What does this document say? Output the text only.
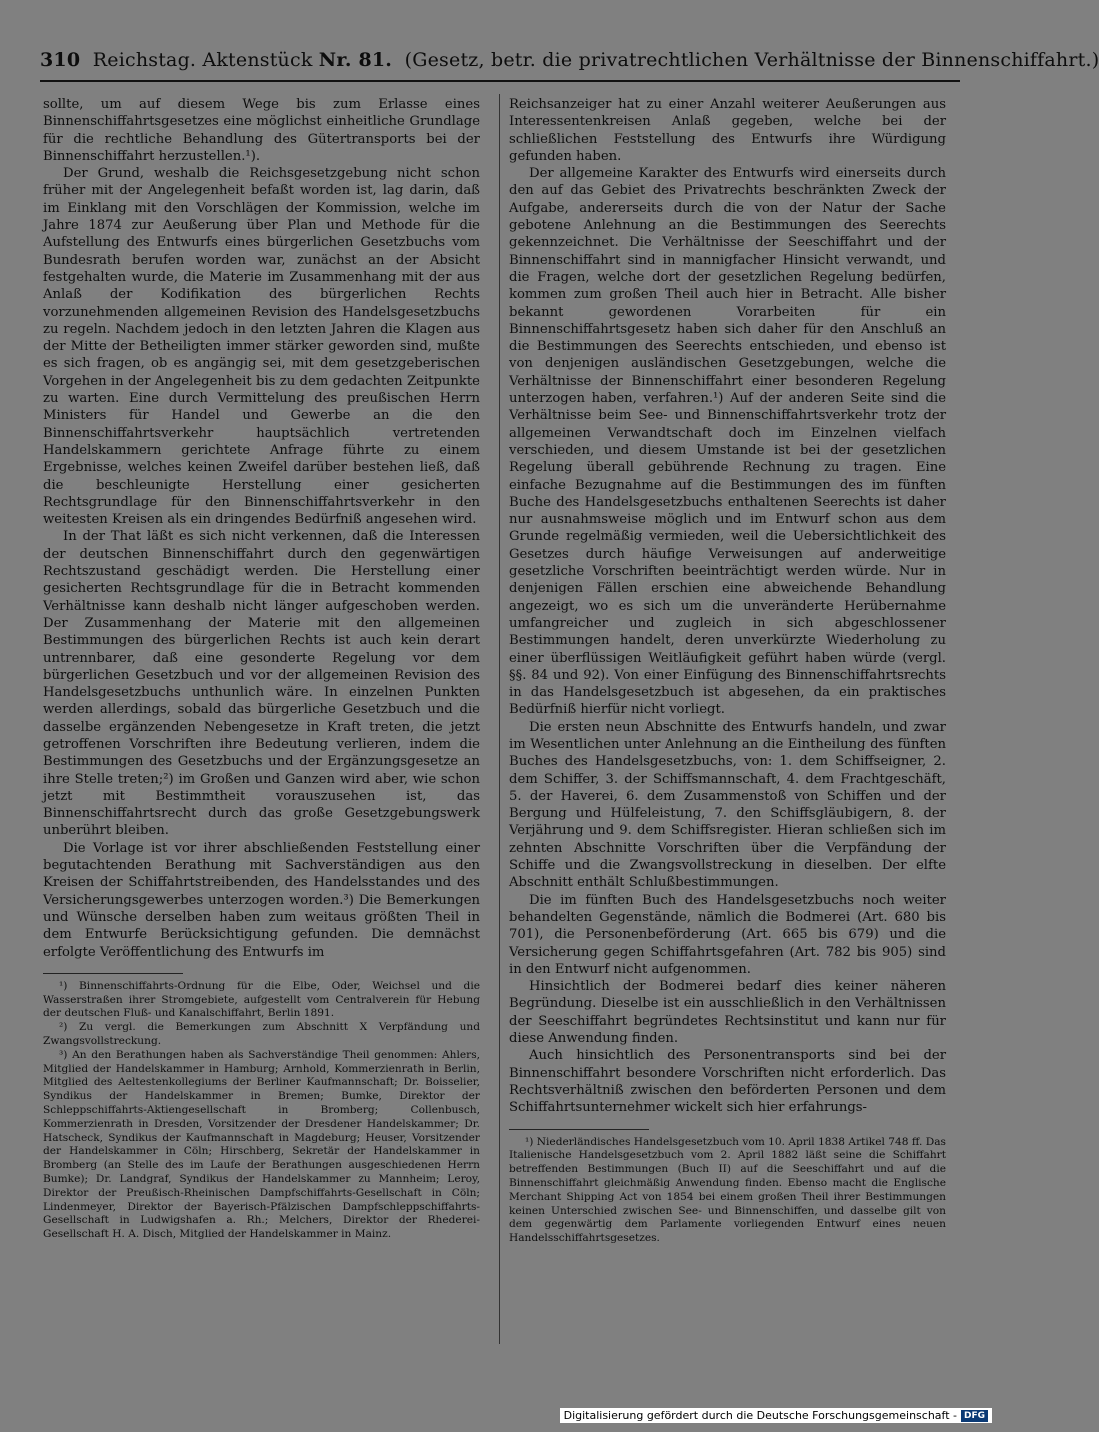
310 Reichstag. Aktenstück Nr. 81. (Gesetz, betr. die privatrechtlichen Verhältnisse der Binnenschiffahrt.)

sollte, um auf diesem Wege bis zum Erlasse eines Binnenschiffahrtsgesetzes eine möglichst einheitliche Grundlage für die rechtliche Behandlung des Gütertransports bei der Binnenschiffahrt herzustellen.¹).

Der Grund, weshalb die Reichsgesetzgebung nicht schon früher mit der Angelegenheit befaßt worden ist, lag darin, daß im Einklang mit den Vorschlägen der Kommission, welche im Jahre 1874 zur Aeußerung über Plan und Methode für die Aufstellung des Entwurfs eines bürgerlichen Gesetzbuchs vom Bundesrath berufen worden war, zunächst an der Absicht festgehalten wurde, die Materie im Zusammenhang mit der aus Anlaß der Kodifikation des bürgerlichen Rechts vorzunehmenden allgemeinen Revision des Handelsgesetzbuchs zu regeln. Nachdem jedoch in den letzten Jahren die Klagen aus der Mitte der Betheiligten immer stärker geworden sind, mußte es sich fragen, ob es angängig sei, mit dem gesetzgeberischen Vorgehen in der Angelegenheit bis zu dem gedachten Zeitpunkte zu warten. Eine durch Vermittelung des preußischen Herrn Ministers für Handel und Gewerbe an die den Binnenschiffahrtsverkehr hauptsächlich vertretenden Handelskammern gerichtete Anfrage führte zu einem Ergebnisse, welches keinen Zweifel darüber bestehen ließ, daß die beschleunigte Herstellung einer gesicherten Rechtsgrundlage für den Binnenschiffahrtsverkehr in den weitesten Kreisen als ein dringendes Bedürfniß angesehen wird.

In der That läßt es sich nicht verkennen, daß die Interessen der deutschen Binnenschiffahrt durch den gegenwärtigen Rechtszustand geschädigt werden. Die Herstellung einer gesicherten Rechtsgrundlage für die in Betracht kommenden Verhältnisse kann deshalb nicht länger aufgeschoben werden. Der Zusammenhang der Materie mit den allgemeinen Bestimmungen des bürgerlichen Rechts ist auch kein derart untrennbarer, daß eine gesonderte Regelung vor dem bürgerlichen Gesetzbuch und vor der allgemeinen Revision des Handelsgesetzbuchs unthunlich wäre. In einzelnen Punkten werden allerdings, sobald das bürgerliche Gesetzbuch und die dasselbe ergänzenden Nebengesetze in Kraft treten, die jetzt getroffenen Vorschriften ihre Bedeutung verlieren, indem die Bestimmungen des Gesetzbuchs und der Ergänzungsgesetze an ihre Stelle treten;²) im Großen und Ganzen wird aber, wie schon jetzt mit Bestimmtheit vorauszusehen ist, das Binnenschiffahrtsrecht durch das große Gesetzgebungswerk unberührt bleiben.

Die Vorlage ist vor ihrer abschließenden Feststellung einer begutachtenden Berathung mit Sachverständigen aus den Kreisen der Schiffahrtstreibenden, des Handelsstandes und des Versicherungsgewerbes unterzogen worden.³) Die Bemerkungen und Wünsche derselben haben zum weitaus größten Theil in dem Entwurfe Berücksichtigung gefunden. Die demnächst erfolgte Veröffentlichung des Entwurfs im

¹) Binnenschiffahrts-Ordnung für die Elbe, Oder, Weichsel und die Wasserstraßen ihrer Stromgebiete, aufgestellt vom Centralverein für Hebung der deutschen Fluß- und Kanalschiffahrt, Berlin 1891.

²) Zu vergl. die Bemerkungen zum Abschnitt X Verpfändung und Zwangsvollstreckung.

³) An den Berathungen haben als Sachverständige Theil genommen: Ahlers, Mitglied der Handelskammer in Hamburg; Arnhold, Kommerzienrath in Berlin, Mitglied des Aeltestenkollegiums der Berliner Kaufmannschaft; Dr. Boisselier, Syndikus der Handelskammer in Bremen; Bumke, Direktor der Schleppschiffahrts-Aktiengesellschaft in Bromberg; Collenbusch, Kommerzienrath in Dresden, Vorsitzender der Dresdener Handelskammer; Dr. Hatscheck, Syndikus der Kaufmannschaft in Magdeburg; Heuser, Vorsitzender der Handelskammer in Cöln; Hirschberg, Sekretär der Handelskammer in Bromberg (an Stelle des im Laufe der Berathungen ausgeschiedenen Herrn Bumke); Dr. Landgraf, Syndikus der Handelskammer zu Mannheim; Leroy, Direktor der Preußisch-Rheinischen Dampfschiffahrts-Gesellschaft in Cöln; Lindenmeyer, Direktor der Bayerisch-Pfälzischen Dampfschleppschiffahrts-Gesellschaft in Ludwigshafen a. Rh.; Melchers, Direktor der Rhederei-Gesellschaft H. A. Disch, Mitglied der Handelskammer in Mainz.

Reichsanzeiger hat zu einer Anzahl weiterer Aeußerungen aus Interessentenkreisen Anlaß gegeben, welche bei der schließlichen Feststellung des Entwurfs ihre Würdigung gefunden haben.

Der allgemeine Karakter des Entwurfs wird einerseits durch den auf das Gebiet des Privatrechts beschränkten Zweck der Aufgabe, andererseits durch die von der Natur der Sache gebotene Anlehnung an die Bestimmungen des Seerechts gekennzeichnet. Die Verhältnisse der Seeschiffahrt und der Binnenschiffahrt sind in mannigfacher Hinsicht verwandt, und die Fragen, welche dort der gesetzlichen Regelung bedürfen, kommen zum großen Theil auch hier in Betracht. Alle bisher bekannt gewordenen Vorarbeiten für ein Binnenschiffahrtsgesetz haben sich daher für den Anschluß an die Bestimmungen des Seerechts entschieden, und ebenso ist von denjenigen ausländischen Gesetzgebungen, welche die Verhältnisse der Binnenschiffahrt einer besonderen Regelung unterzogen haben, verfahren.¹) Auf der anderen Seite sind die Verhältnisse beim See- und Binnenschiffahrtsverkehr trotz der allgemeinen Verwandtschaft doch im Einzelnen vielfach verschieden, und diesem Umstande ist bei der gesetzlichen Regelung überall gebührende Rechnung zu tragen. Eine einfache Bezugnahme auf die Bestimmungen des im fünften Buche des Handelsgesetzbuchs enthaltenen Seerechts ist daher nur ausnahmsweise möglich und im Entwurf schon aus dem Grunde regelmäßig vermieden, weil die Uebersichtlichkeit des Gesetzes durch häufige Verweisungen auf anderweitige gesetzliche Vorschriften beeinträchtigt werden würde. Nur in denjenigen Fällen erschien eine abweichende Behandlung angezeigt, wo es sich um die unveränderte Herübernahme umfangreicher und zugleich in sich abgeschlossener Bestimmungen handelt, deren unverkürzte Wiederholung zu einer überflüssigen Weitläufigkeit geführt haben würde (vergl. §§. 84 und 92). Von einer Einfügung des Binnenschiffahrtsrechts in das Handelsgesetzbuch ist abgesehen, da ein praktisches Bedürfniß hierfür nicht vorliegt.

Die ersten neun Abschnitte des Entwurfs handeln, und zwar im Wesentlichen unter Anlehnung an die Eintheilung des fünften Buches des Handelsgesetzbuchs, von: 1. dem Schiffseigner, 2. dem Schiffer, 3. der Schiffsmannschaft, 4. dem Frachtgeschäft, 5. der Haverei, 6. dem Zusammenstoß von Schiffen und der Bergung und Hülfeleistung, 7. den Schiffsgläubigern, 8. der Verjährung und 9. dem Schiffsregister. Hieran schließen sich im zehnten Abschnitte Vorschriften über die Verpfändung der Schiffe und die Zwangsvollstreckung in dieselben. Der elfte Abschnitt enthält Schlußbestimmungen.

Die im fünften Buch des Handelsgesetzbuchs noch weiter behandelten Gegenstände, nämlich die Bodmerei (Art. 680 bis 701), die Personenbeförderung (Art. 665 bis 679) und die Versicherung gegen Schiffahrtsgefahren (Art. 782 bis 905) sind in den Entwurf nicht aufgenommen.

Hinsichtlich der Bodmerei bedarf dies keiner näheren Begründung. Dieselbe ist ein ausschließlich in den Verhältnissen der Seeschiffahrt begründetes Rechtsinstitut und kann nur für diese Anwendung finden.

Auch hinsichtlich des Personentransports sind bei der Binnenschiffahrt besondere Vorschriften nicht erforderlich. Das Rechtsverhältniß zwischen den beförderten Personen und dem Schiffahrtsunternehmer wickelt sich hier erfahrungs-

¹) Niederländisches Handelsgesetzbuch vom 10. April 1838 Artikel 748 ff. Das Italienische Handelsgesetzbuch vom 2. April 1882 läßt seine die Schiffahrt betreffenden Bestimmungen (Buch II) auf die Seeschiffahrt und auf die Binnenschiffahrt gleichmäßig Anwendung finden. Ebenso macht die Englische Merchant Shipping Act von 1854 bei einem großen Theil ihrer Bestimmungen keinen Unterschied zwischen See- und Binnenschiffen, und dasselbe gilt von dem gegenwärtig dem Parlamente vorliegenden Entwurf eines neuen Handelsschiffahrtsgesetzes.

Digitalisierung gefördert durch die Deutsche Forschungsgemeinschaft - DFG
